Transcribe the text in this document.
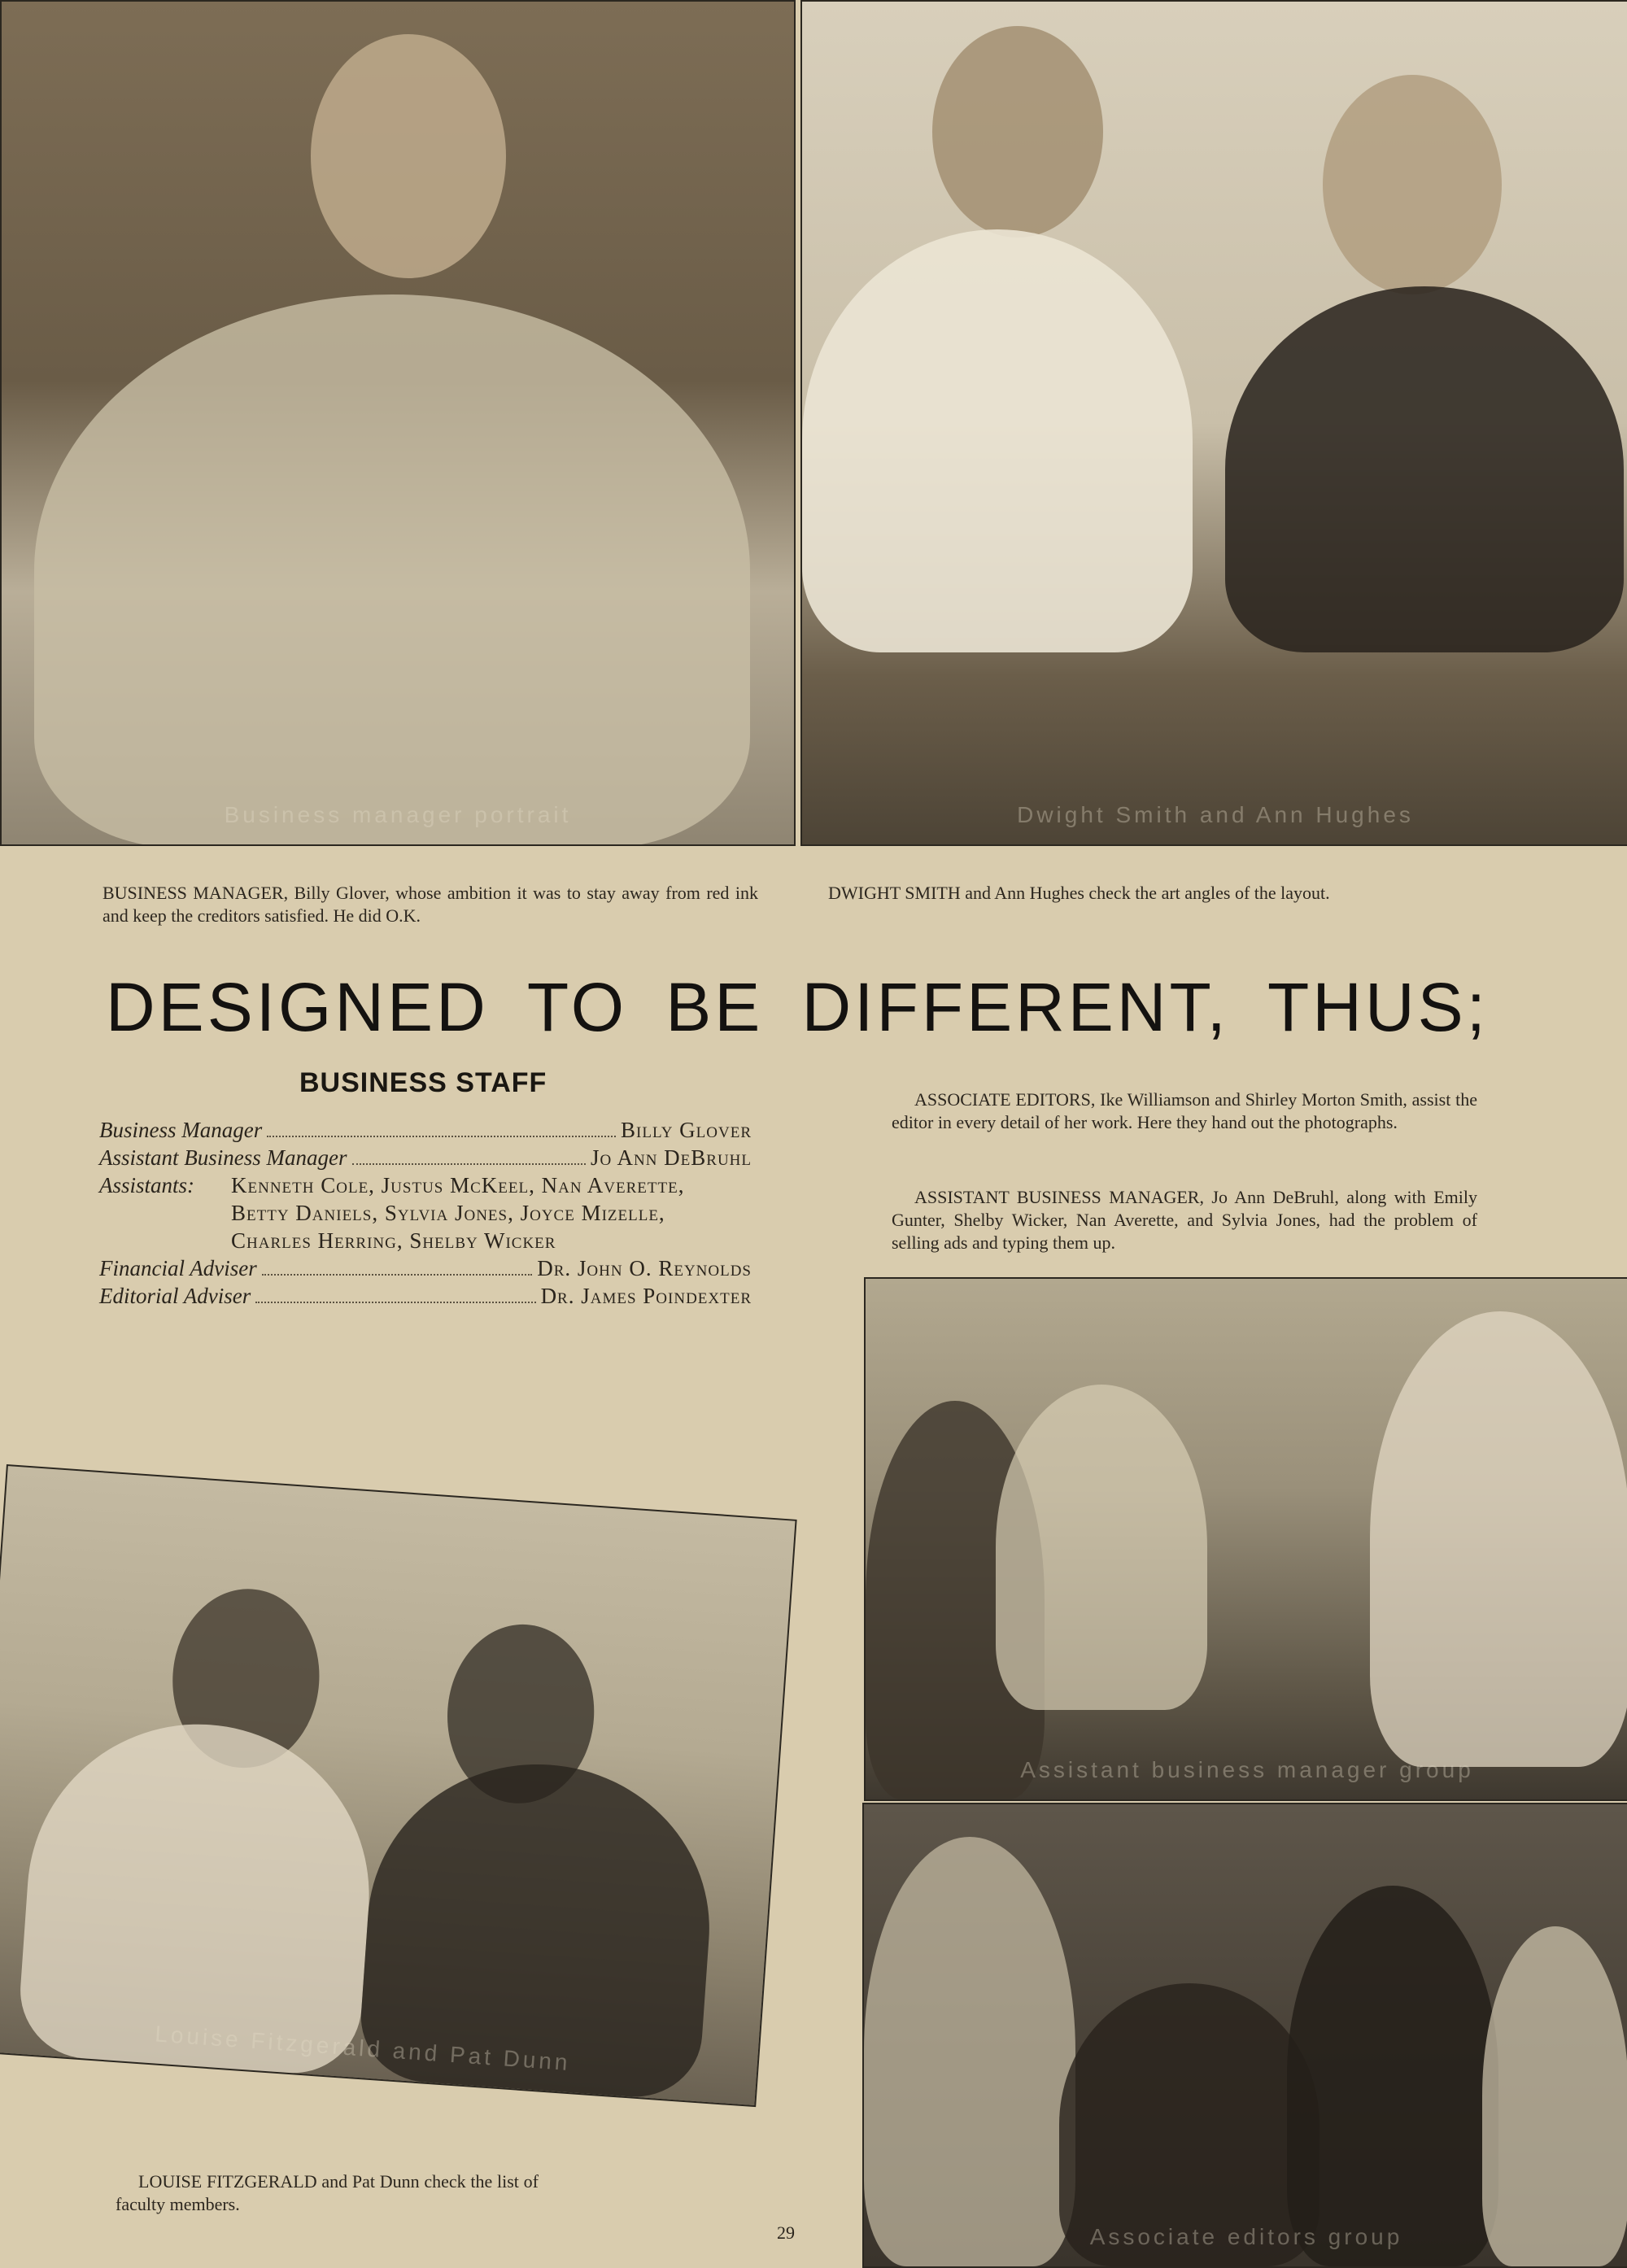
Business manager portrait	Dwight Smith and Ann Hughes
Assistant business manager group
Associate editors group
Louise Fitzgerald and Pat Dunn
BUSINESS MANAGER, Billy Glover, whose ambition it was to stay away from red ink and keep the creditors satisfied. He did O.K.
DWIGHT SMITH and Ann Hughes check the art angles of the layout.
ASSOCIATE EDITORS, Ike Williamson and Shirley Morton Smith, assist the editor in every detail of her work. Here they hand out the photographs.
ASSISTANT BUSINESS MANAGER, Jo Ann DeBruhl, along with Emily Gunter, Shelby Wicker, Nan Averette, and Sylvia Jones, had the problem of selling ads and typing them up.
LOUISE FITZGERALD and Pat Dunn check the list of faculty members.
DESIGNED TO BE DIFFERENT, THUS;
BUSINESS STAFF
Business Manager	Billy Glover
Assistant Business Manager	Jo Ann DeBruhl
Assistants:	Kenneth Cole, Justus McKeel, Nan Averette,
Betty Daniels, Sylvia Jones, Joyce Mizelle,
Charles Herring, Shelby Wicker
Financial Adviser	Dr. John O. Reynolds
Editorial Adviser	Dr. James Poindexter
29
